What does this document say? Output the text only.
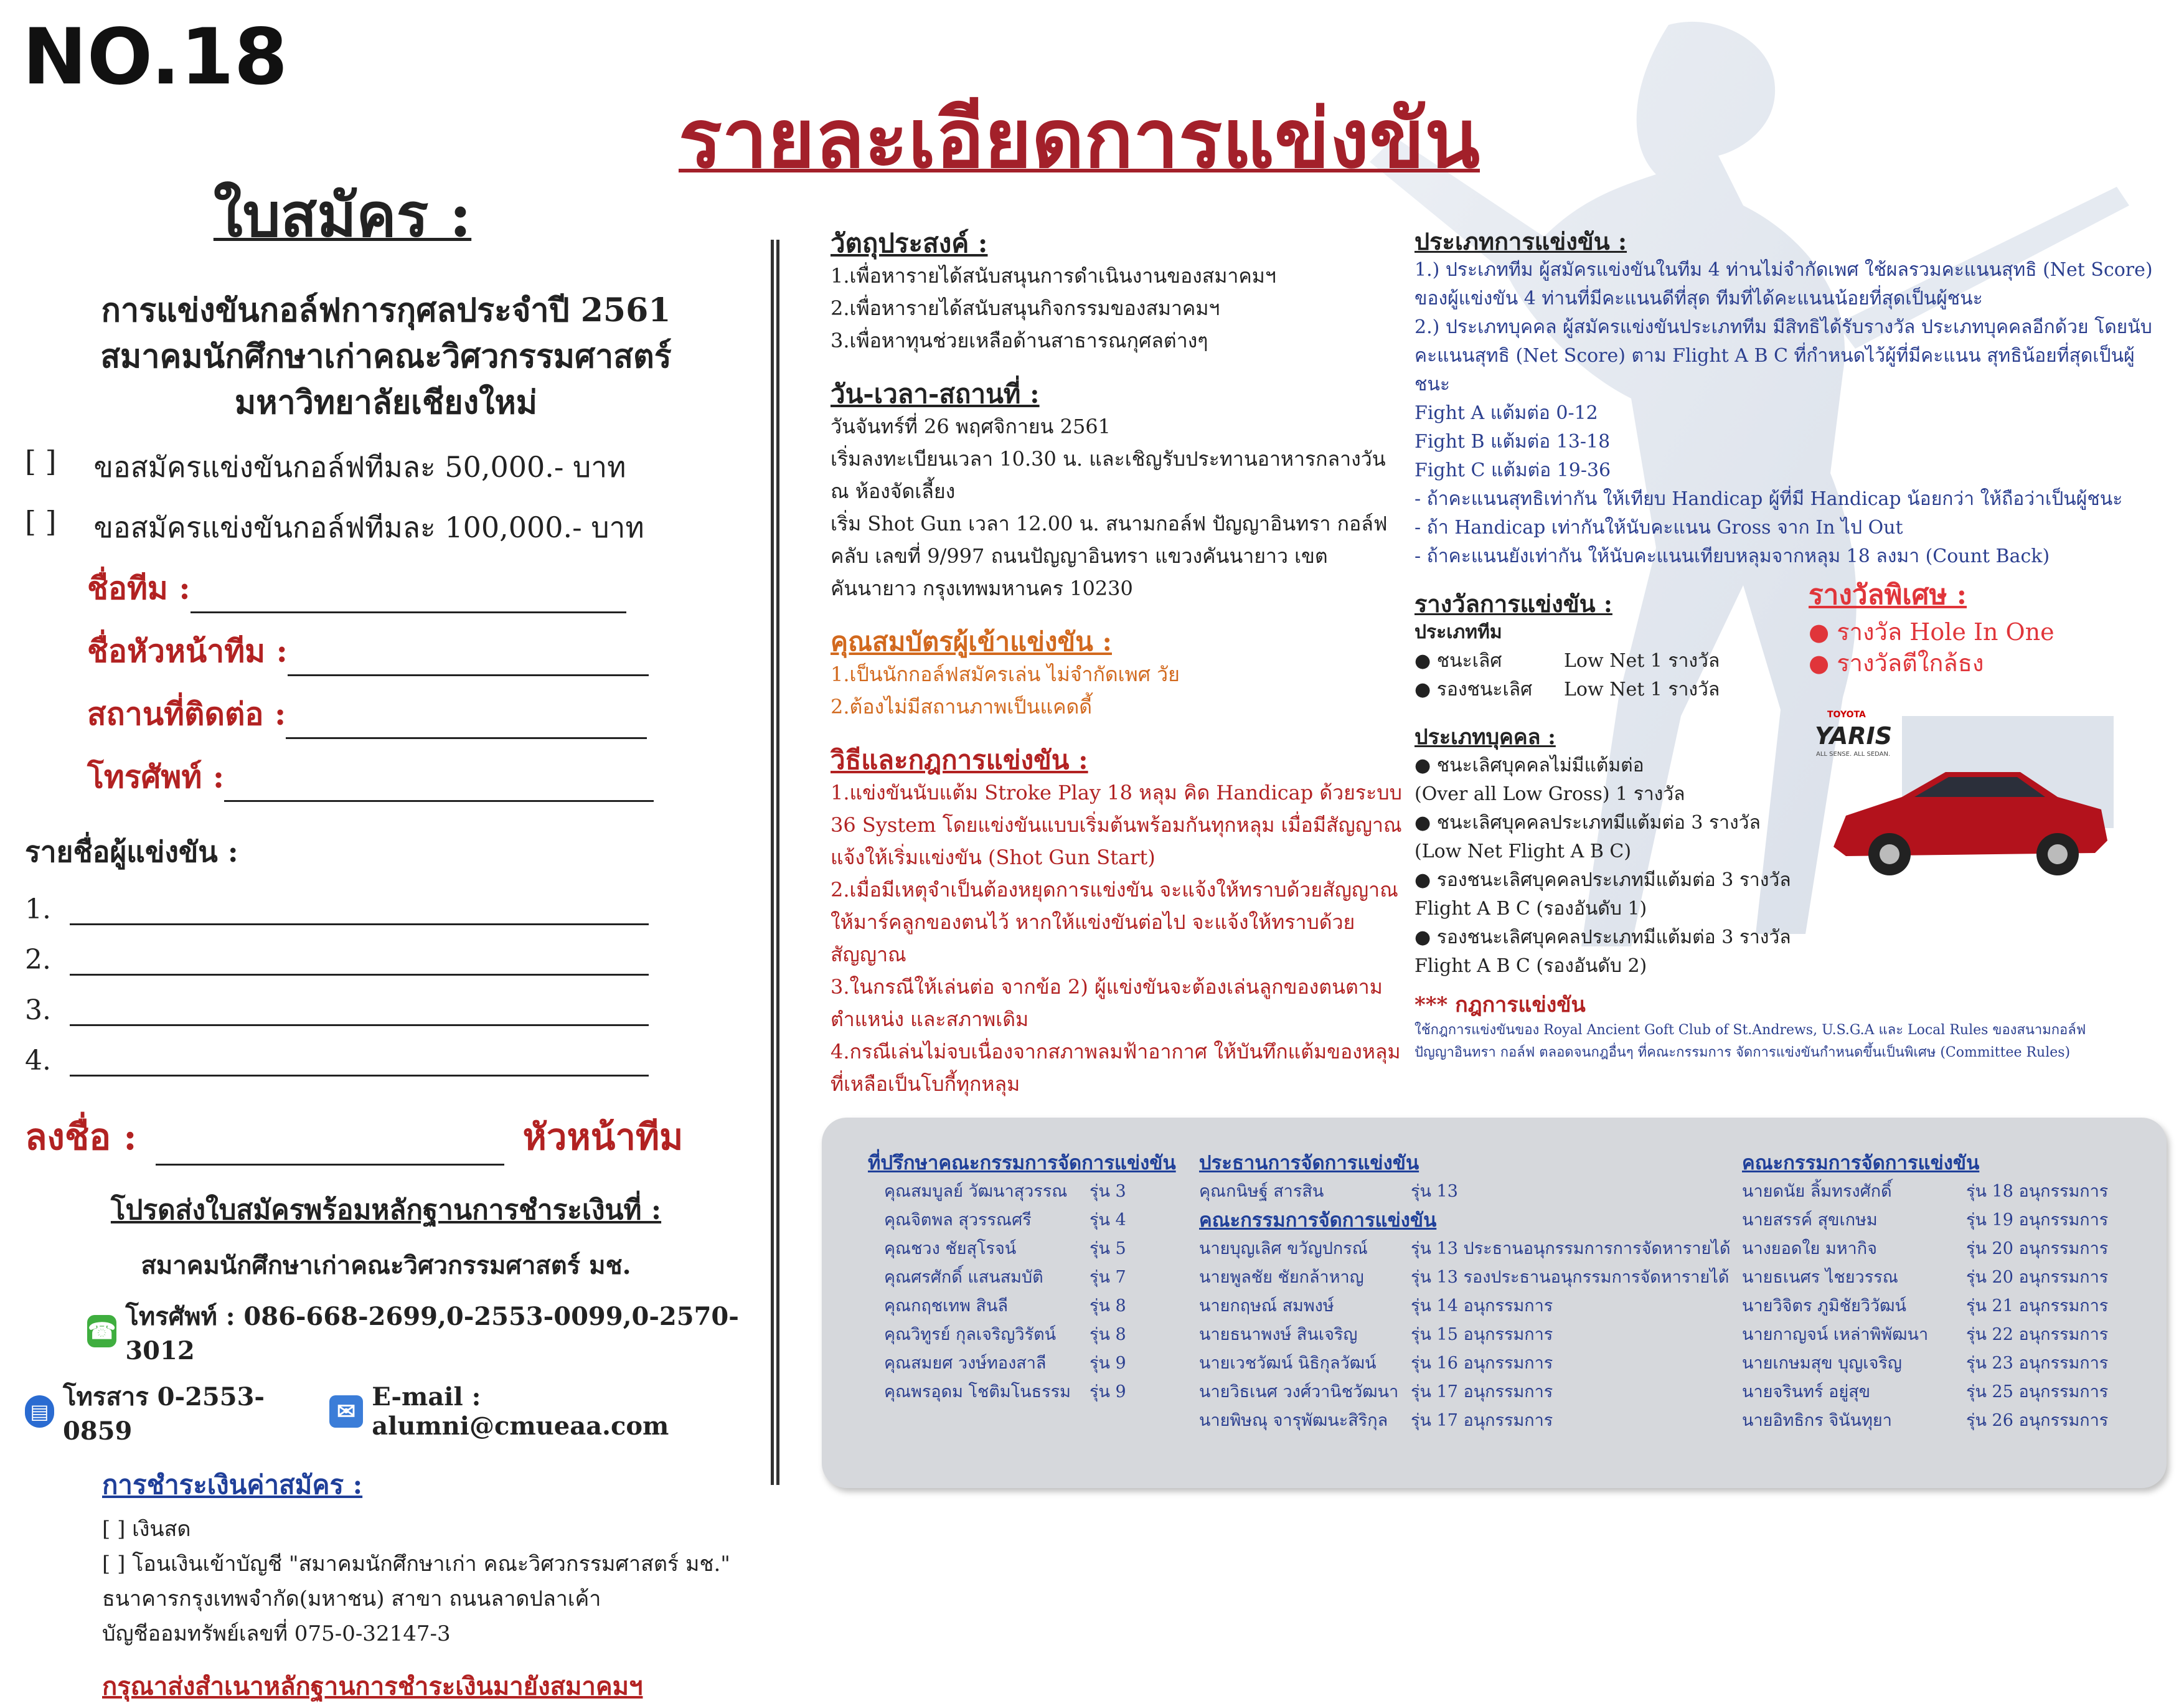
NO.18
รายละเอียดการแข่งขัน
ใบสมัคร :
การแข่งขันกอล์ฟการกุศลประจำปี 2561
สมาคมนักศึกษาเก่าคณะวิศวกรรมศาสตร์
มหาวิทยาลัยเชียงใหม่
[ ] ขอสมัครแข่งขันกอล์ฟทีมละ 50,000.- บาท
[ ] ขอสมัครแข่งขันกอล์ฟทีมละ 100,000.- บาท
ชื่อทีม :
ชื่อหัวหน้าทีม :
สถานที่ติดต่อ :
โทรศัพท์ :
รายชื่อผู้แข่งขัน :
1.
2.
3.
4.
ลงชื่อ :	หัวหน้าทีม
โปรดส่งใบสมัครพร้อมหลักฐานการชำระเงินที่ :
สมาคมนักศึกษาเก่าคณะวิศวกรรมศาสตร์ มช.
☎ โทรศัพท์ : 086-668-2699,0-2553-0099,0-2570-3012
▤ โทรสาร 0-2553-0859
✉ E-mail : alumni@cmueaa.com
การชำระเงินค่าสมัคร :
[ ] เงินสด
[ ] โอนเงินเข้าบัญชี "สมาคมนักศึกษาเก่า คณะวิศวกรรมศาสตร์ มช."
ธนาคารกรุงเทพจำกัด(มหาชน) สาขา ถนนลาดปลาเค้า
บัญชีออมทรัพย์เลขที่ 075-0-32147-3
กรุณาส่งสำเนาหลักฐานการชำระเงินมายังสมาคมฯ
วัตถุประสงค์ :
1.เพื่อหารายได้สนับสนุนการดำเนินงานของสมาคมฯ
2.เพื่อหารายได้สนับสนุนกิจกรรมของสมาคมฯ
3.เพื่อหาทุนช่วยเหลือด้านสาธารณกุศลต่างๆ
วัน-เวลา-สถานที่ :
วันจันทร์ที่ 26 พฤศจิกายน 2561
เริ่มลงทะเบียนเวลา 10.30 น. และเชิญรับประทานอาหารกลางวัน ณ ห้องจัดเลี้ยง
เริ่ม Shot Gun เวลา 12.00 น. สนามกอล์ฟ ปัญญาอินทรา กอล์ฟ คลับ เลขที่ 9/997 ถนนปัญญาอินทรา แขวงคันนายาว เขตคันนายาว กรุงเทพมหานคร 10230
คุณสมบัตรผู้เข้าแข่งขัน :
1.เป็นนักกอล์ฟสมัครเล่น ไม่จำกัดเพศ วัย
2.ต้องไม่มีสถานภาพเป็นแคดดี้
วิธีและกฎการแข่งขัน :
1.แข่งขันนับแต้ม Stroke Play 18 หลุม คิด Handicap ด้วยระบบ 36 System โดยแข่งขันแบบเริ่มต้นพร้อมกันทุกหลุม เมื่อมีสัญญาณแจ้งให้เริ่มแข่งขัน (Shot Gun Start)
2.เมื่อมีเหตุจำเป็นต้องหยุดการแข่งขัน จะแจ้งให้ทราบด้วยสัญญาณ ให้มาร์คลูกของตนไว้ หากให้แข่งขันต่อไป จะแจ้งให้ทราบด้วยสัญญาณ
3.ในกรณีให้เล่นต่อ จากข้อ 2) ผู้แข่งขันจะต้องเล่นลูกของตนตามตำแหน่ง และสภาพเดิม
4.กรณีเล่นไม่จบเนื่องจากสภาพลมฟ้าอากาศ ให้บันทึกแต้มของหลุมที่เหลือเป็นโบกี้ทุกหลุม
ประเภทการแข่งขัน :
1.) ประเภททีม ผู้สมัครแข่งขันในทีม 4 ท่านไม่จำกัดเพศ ใช้ผลรวมคะแนนสุทธิ (Net Score) ของผู้แข่งขัน 4 ท่านที่มีคะแนนดีที่สุด ทีมที่ได้คะแนนน้อยที่สุดเป็นผู้ชนะ
2.) ประเภทบุคคล ผู้สมัครแข่งขันประเภททีม มีสิทธิได้รับรางวัล ประเภทบุคคลอีกด้วย โดยนับคะแนนสุทธิ (Net Score) ตาม Flight A B C ที่กำหนดไว้ผู้ที่มีคะแนน สุทธิน้อยที่สุดเป็นผู้ชนะ
Fight A แต้มต่อ 0-12
Fight B แต้มต่อ 13-18
Fight C แต้มต่อ 19-36
- ถ้าคะแนนสุทธิเท่ากัน ให้เทียบ Handicap ผู้ที่มี Handicap น้อยกว่า ให้ถือว่าเป็นผู้ชนะ
- ถ้า Handicap เท่ากันให้นับคะแนน Gross จาก In ไป Out
- ถ้าคะแนนยังเท่ากัน ให้นับคะแนนเทียบหลุมจากหลุม 18 ลงมา (Count Back)
รางวัลการแข่งขัน :
ประเภททีม
● ชนะเลิศ	Low Net 1 รางวัล
● รองชนะเลิศ	Low Net 1 รางวัล
ประเภทบุคคล :
● ชนะเลิศบุคคลไม่มีแต้มต่อ
(Over all Low Gross) 1 รางวัล
● ชนะเลิศบุคคลประเภทมีแต้มต่อ 3 รางวัล
(Low Net Flight A B C)
● รองชนะเลิศบุคคลประเภทมีแต้มต่อ 3 รางวัล
Flight A B C (รองอันดับ 1)
● รองชนะเลิศบุคคลประเภทมีแต้มต่อ 3 รางวัล
Flight A B C (รองอันดับ 2)
*** กฎการแข่งขัน
ใช้กฎการแข่งขันของ Royal Ancient Goft Club of St.Andrews, U.S.G.A และ Local Rules ของสนามกอล์ฟ ปัญญาอินทรา กอล์ฟ ตลอดจนกฎอื่นๆ ที่คณะกรรมการ จัดการแข่งขันกำหนดขึ้นเป็นพิเศษ (Committee Rules)
รางวัลพิเศษ :
● รางวัล Hole In One
● รางวัลตีใกล้ธง
TOYOTA
YARIS
ALL SENSE. ALL SEDAN.
ที่ปรึกษาคณะกรรมการจัดการแข่งขัน
คุณสมบูลย์ วัฒนาสุวรรณ	รุ่น 3
คุณจิตพล สุวรรณศรี	รุ่น 4
คุณชวง ชัยสุโรจน์	รุ่น 5
คุณศรศักดิ์ แสนสมบัติ	รุ่น 7
คุณกฤชเทพ สินลี	รุ่น 8
คุณวิทูรย์ กุลเจริญวิรัตน์	รุ่น 8
คุณสมยศ วงษ์ทองสาลี	รุ่น 9
คุณพรอุดม โชติมโนธรรม	รุ่น 9
ประธานการจัดการแข่งขัน
คุณกนิษฐ์ สารสิน	รุ่น 13
คณะกรรมการจัดการแข่งขัน
นายบุญเลิศ ขวัญปกรณ์	รุ่น 13 ประธานอนุกรรมการการจัดหารายได้
นายพูลชัย ชัยกล้าหาญ	รุ่น 13 รองประธานอนุกรรมการจัดหารายได้
นายกฤษณ์ สมพงษ์	รุ่น 14 อนุกรรมการ
นายธนาพงษ์ สินเจริญ	รุ่น 15 อนุกรรมการ
นายเวชวัฒน์ นิธิกุลวัฒน์	รุ่น 16 อนุกรรมการ
นายวิธเนศ วงศ์วานิชวัฒนา รุ่น 17 อนุกรรมการ
นายพิษณุ จารุพัฒนะสิริกุล	รุ่น 17 อนุกรรมการ
คณะกรรมการจัดการแข่งขัน
นายดนัย ลิ้มทรงศักดิ์	รุ่น 18 อนุกรรมการ
นายสรรค์ สุขเกษม	รุ่น 19 อนุกรรมการ
นางยอดใย มหากิจ	รุ่น 20 อนุกรรมการ
นายธเนศร ไชยวรรณ	รุ่น 20 อนุกรรมการ
นายวิจิตร ภูมิชัยวิวัฒน์	รุ่น 21 อนุกรรมการ
นายกาญจน์ เหล่าพิพัฒนา	รุ่น 22 อนุกรรมการ
นายเกษมสุข บุญเจริญ	รุ่น 23 อนุกรรมการ
นายจรินทร์ อยู่สุข	รุ่น 25 อนุกรรมการ
นายอิทธิกร จินันทุยา	รุ่น 26 อนุกรรมการ
